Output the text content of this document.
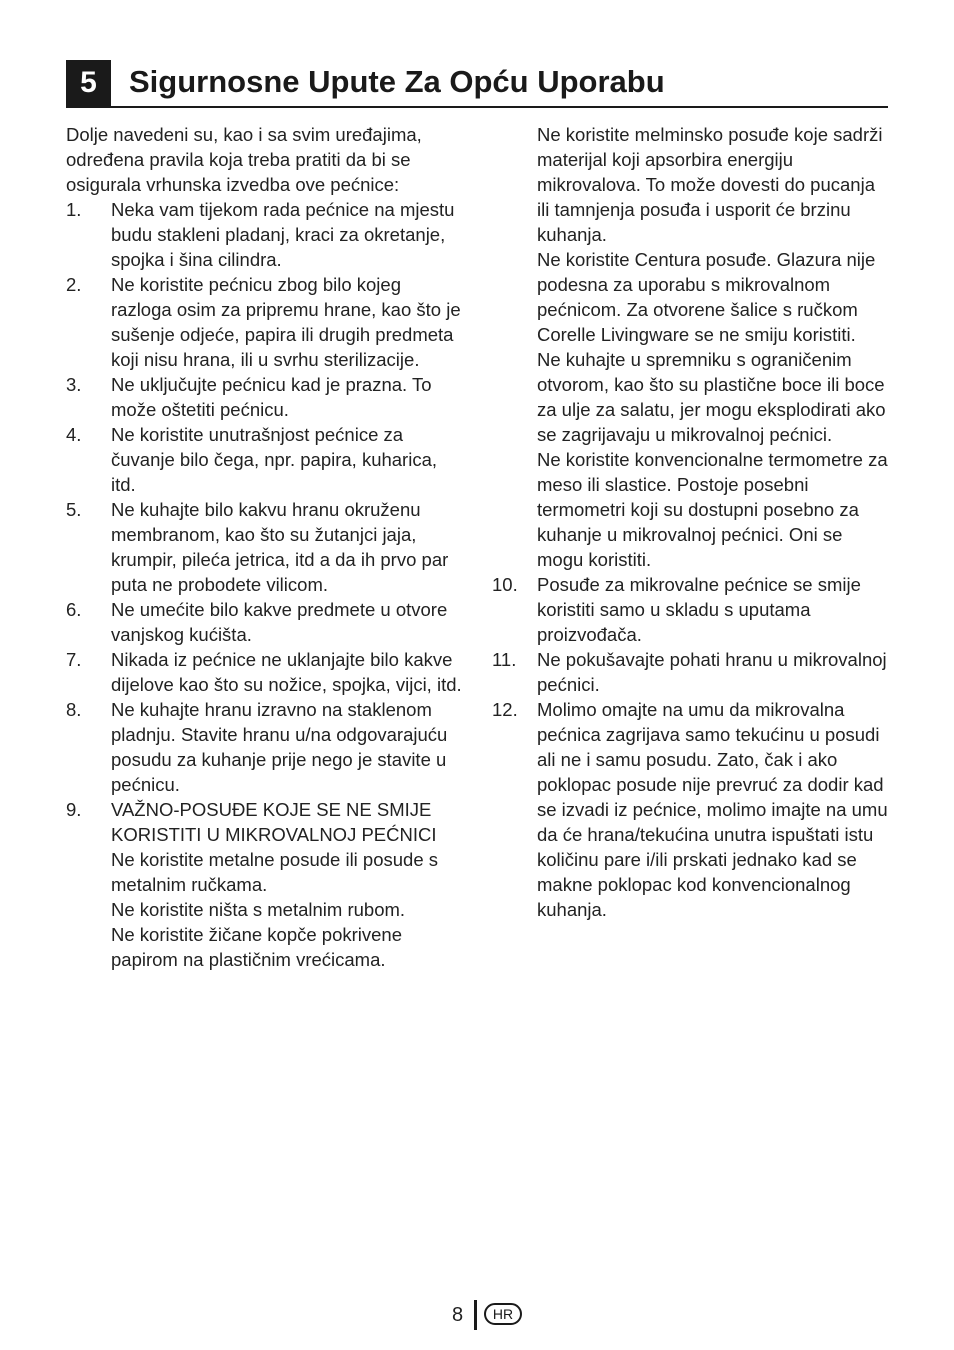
5	Sigurnosne Upute Za Opću Uporabu

Dolje navedeni su, kao i sa svim uređajima, određena pravila koja treba pratiti da bi se osigurala vrhunska izvedba ove pećnice:

1.	Neka vam tijekom rada pećnice na mjestu budu stakleni pladanj, kraci za okretanje, spojka i šina cilindra.
2.	Ne koristite pećnicu zbog bilo kojeg razloga osim za pripremu hrane, kao što je sušenje odjeće, papira ili drugih predmeta koji nisu hrana, ili u svrhu sterilizacije.
3.	Ne uključujte pećnicu kad je prazna. To može oštetiti pećnicu.
4.	Ne koristite unutrašnjost pećnice za čuvanje bilo čega, npr. papira, kuharica, itd.
5.	Ne kuhajte bilo kakvu hranu okruženu membranom, kao što su žutanjci jaja, krumpir, pileća jetrica, itd a da ih prvo par puta ne probodete vilicom.
6.	Ne umećite bilo kakve predmete u otvore vanjskog kućišta.
7.	Nikada iz pećnice ne uklanjajte bilo kakve dijelove kao što su nožice, spojka, vijci, itd.
8.	Ne kuhajte hranu izravno na staklenom pladnju. Stavite hranu u/na odgovarajuću posudu za kuhanje prije nego je stavite u pećnicu.
9.	VAŽNO-POSUĐE KOJE SE NE SMIJE KORISTITI U MIKROVALNOJ PEĆNICI
Ne koristite metalne posude ili posude s metalnim ručkama.
Ne koristite ništa s metalnim rubom.
Ne koristite žičane kopče pokrivene papirom na plastičnim vrećicama.
Ne koristite melminsko posuđe koje sadrži materijal koji apsorbira energiju mikrovalova. To može dovesti do pucanja ili tamnjenja posuđa i usporit će brzinu kuhanja.
Ne koristite Centura posuđe. Glazura nije podesna za uporabu s mikrovalnom pećnicom. Za otvorene šalice s ručkom Corelle Livingware se ne smiju koristiti.
Ne kuhajte u spremniku s ograničenim otvorom, kao što su plastične boce ili boce za ulje za salatu, jer mogu eksplodirati ako se zagrijavaju u mikrovalnoj pećnici.
Ne koristite konvencionalne termometre za meso ili slastice. Postoje posebni termometri koji su dostupni posebno za kuhanje u mikrovalnoj pećnici. Oni se mogu koristiti.
10.	Posuđe za mikrovalne pećnice se smije koristiti samo u skladu s uputama proizvođača.
11.	Ne pokušavajte pohati hranu u mikrovalnoj pećnici.
12.	Molimo omajte na umu da mikrovalna pećnica zagrijava samo tekućinu u posudi ali ne i samu posudu. Zato, čak i ako poklopac posude nije prevruć za dodir kad se izvadi iz pećnice, molimo imajte na umu da će hrana/tekućina unutra ispuštati istu količinu pare i/ili prskati jednako kad se makne poklopac kod konvencionalnog kuhanja.
8	HR
